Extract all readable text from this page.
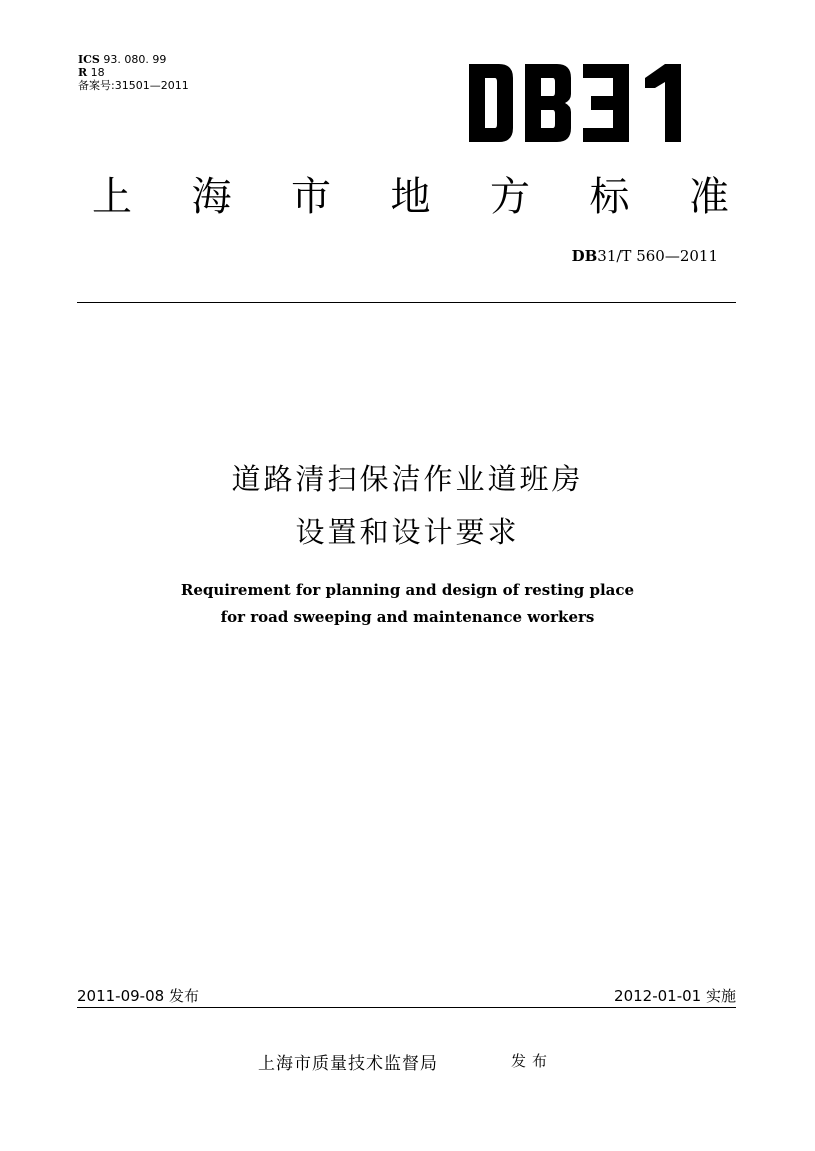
ICS 93. 080. 99
R 18
备案号:31501—2011
上 海 市 地 方 标 准
DB31/T 560—2011
道路清扫保洁作业道班房
设置和设计要求
Requirement for planning and design of resting place
for road sweeping and maintenance workers
2011-09-08 发布	2012-01-01 实施
上海市质量技术监督局	发布
